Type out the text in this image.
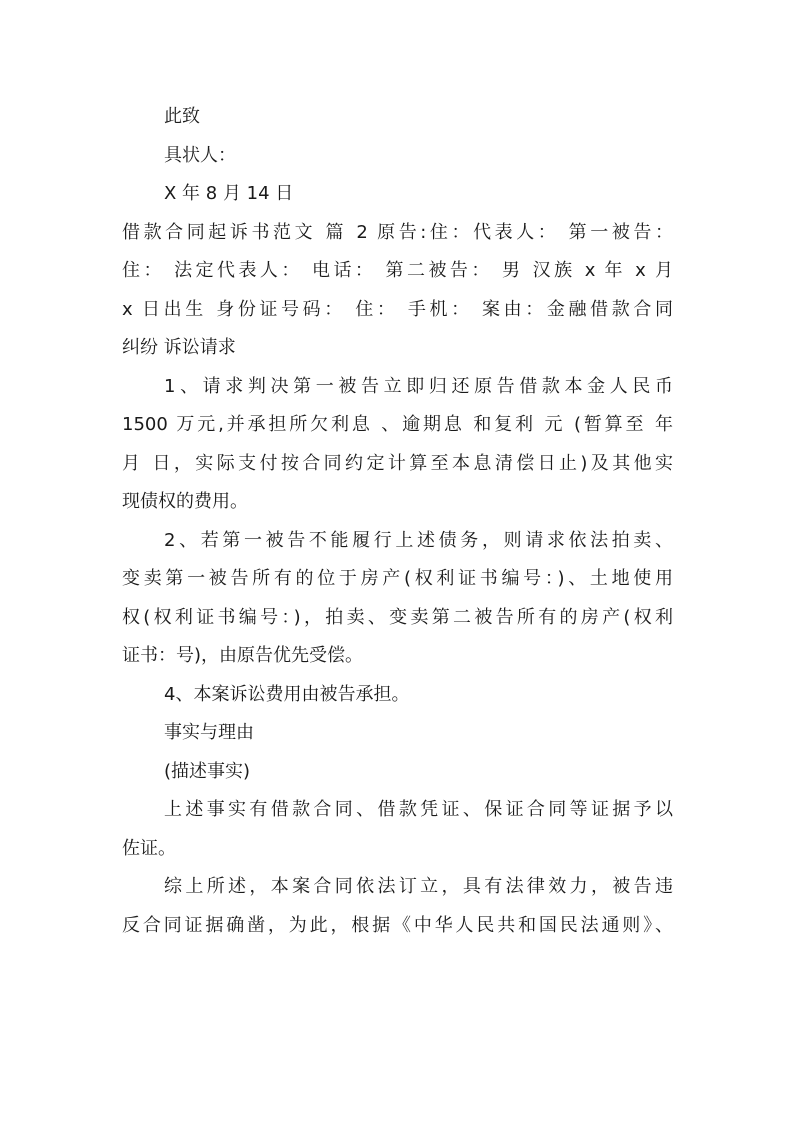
此致
具状人：
X 年 8 月 14 日
借款合同起诉书范文 篇 2 原告:住：代表人： 第一被告：
住： 法定代表人： 电话： 第二被告： 男 汉族 x 年 x 月
x 日出生 身份证号码： 住： 手机： 案由：金融借款合同
纠纷 诉讼请求
1、请求判决第一被告立即归还原告借款本金人民币
1500 万元,并承担所欠利息 、逾期息 和复利 元 (暂算至 年
月 日，实际支付按合同约定计算至本息清偿日止)及其他实
现债权的费用。
2、若第一被告不能履行上述债务，则请求依法拍卖、
变卖第一被告所有的位于房产(权利证书编号：)、土地使用
权(权利证书编号：)，拍卖、变卖第二被告所有的房产(权利
证书：号)，由原告优先受偿。
4、本案诉讼费用由被告承担。
事实与理由
(描述事实)
上述事实有借款合同、借款凭证、保证合同等证据予以
佐证。
综上所述，本案合同依法订立，具有法律效力，被告违
反合同证据确凿，为此，根据《中华人民共和国民法通则》、
